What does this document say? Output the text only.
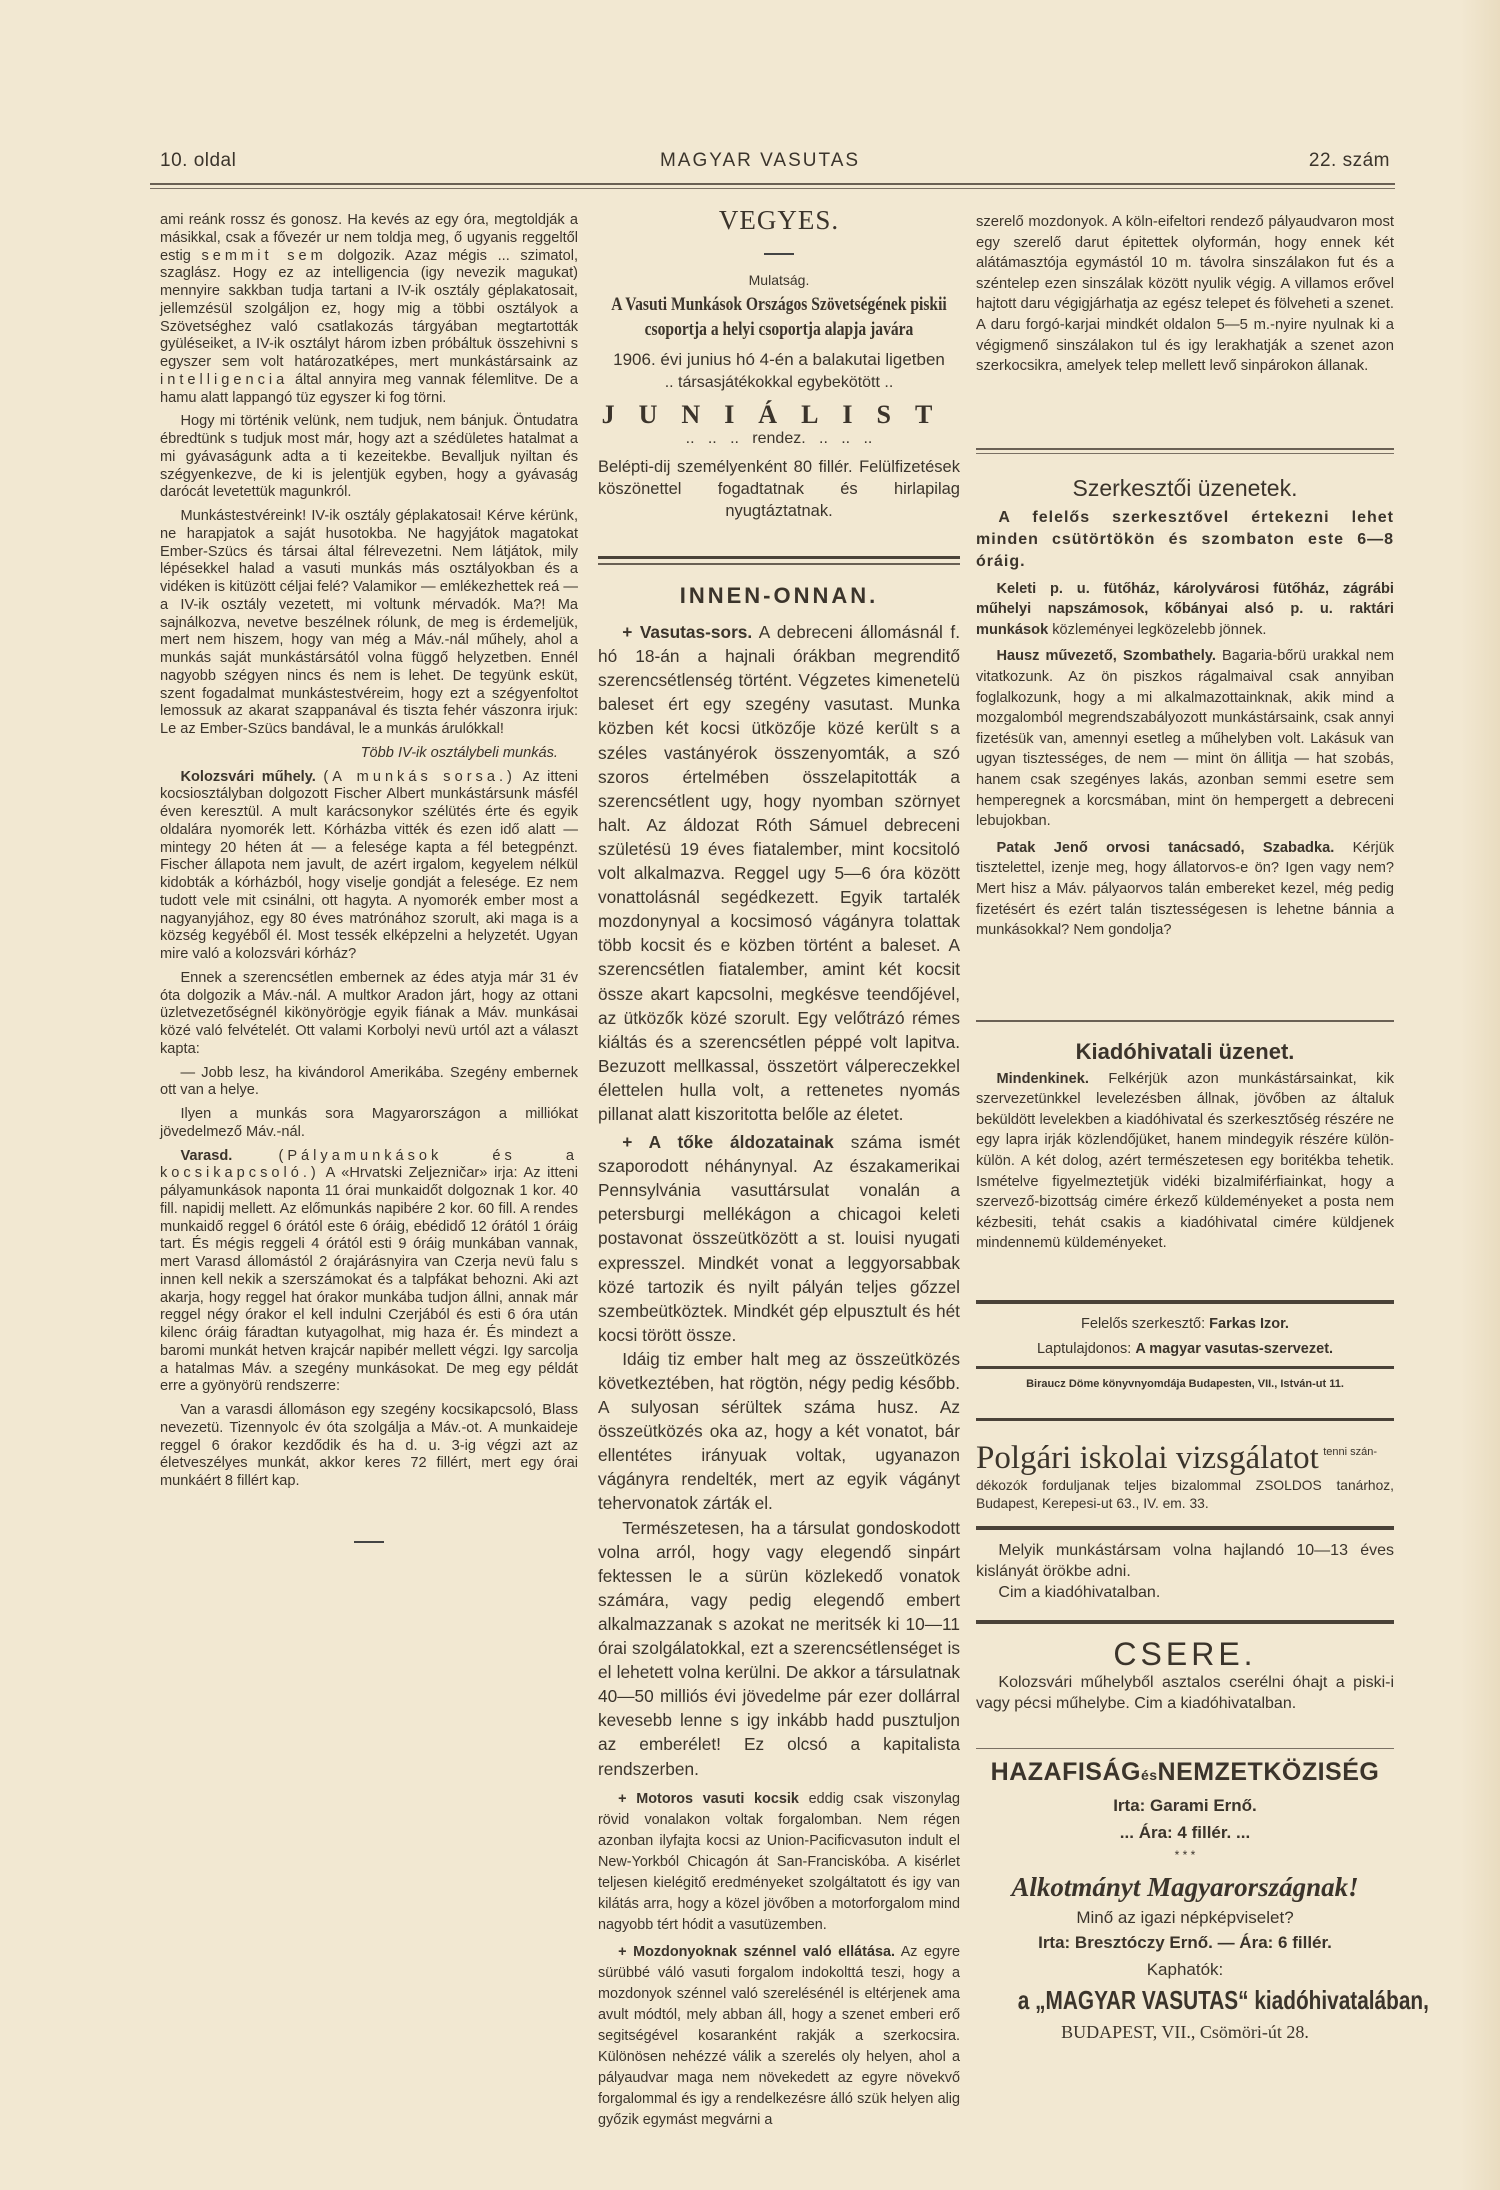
10. oldal	MAGYAR VASUTAS	22. szám

ami reánk rossz és gonosz. Ha kevés az egy óra, megtoldják a másikkal, csak a fővezér ur nem toldja meg, ő ugyanis reggeltől estig semmit sem dolgozik. Azaz mégis ... szimatol, szaglász. Hogy ez az intelligencia (igy nevezik magukat) mennyire sakkban tudja tartani a IV-ik osztály géplakatosait, jellemzésül szolgáljon ez, hogy mig a többi osztályok a Szövetséghez való csatlakozás tárgyában megtartották gyüléseiket, a IV-ik osztályt három izben próbáltuk összehivni s egyszer sem volt határozatképes, mert munkástársaink az intelligencia által annyira meg vannak félemlitve. De a hamu alatt lappangó tüz egyszer ki fog törni.

Hogy mi történik velünk, nem tudjuk, nem bánjuk. Öntudatra ébredtünk s tudjuk most már, hogy azt a szédületes hatalmat a mi gyávaságunk adta a ti kezeitekbe. Bevalljuk nyiltan és szégyenkezve, de ki is jelentjük egyben, hogy a gyávaság darócát levetettük magunkról.

Munkástestvéreink! IV-ik osztály géplakatosai! Kérve kérünk, ne harapjatok a saját husotokba. Ne hagyjátok magatokat Ember-Szücs és társai által félrevezetni. Nem látjátok, mily lépésekkel halad a vasuti munkás más osztályokban és a vidéken is kitüzött céljai felé? Valamikor — emlékezhettek reá — a IV-ik osztály vezetett, mi voltunk mérvadók. Ma?! Ma sajnálkozva, nevetve beszélnek rólunk, de meg is érdemeljük, mert nem hiszem, hogy van még a Máv.-nál műhely, ahol a munkás saját munkástársától volna függő helyzetben. Ennél nagyobb szégyen nincs és nem is lehet. De tegyünk esküt, szent fogadalmat munkástestvéreim, hogy ezt a szégyenfoltot lemossuk az akarat szappanával és tiszta fehér vászonra irjuk: Le az Ember-Szücs bandával, le a munkás árulókkal!

Több IV-ik osztálybeli munkás.

Kolozsvári műhely. (A munkás sorsa.) Az itteni kocsiosztályban dolgozott Fischer Albert munkástársunk másfél éven keresztül. A mult karácsonykor szélütés érte és egyik oldalára nyomorék lett. Kórházba vitték és ezen idő alatt — mintegy 20 héten át — a felesége kapta a fél betegpénzt. Fischer állapota nem javult, de azért irgalom, kegyelem nélkül kidobták a kórházból, hogy viselje gondját a felesége. Ez nem tudott vele mit csinálni, ott hagyta. A nyomorék ember most a nagyanyjához, egy 80 éves matrónához szorult, aki maga is a község kegyéből él. Most tessék elképzelni a helyzetét. Ugyan mire való a kolozsvári kórház?

Ennek a szerencsétlen embernek az édes atyja már 31 év óta dolgozik a Máv.-nál. A multkor Aradon járt, hogy az ottani üzletvezetőségnél kikönyörögje egyik fiának a Máv. munkásai közé való felvételét. Ott valami Korbolyi nevü urtól azt a választ kapta:

— Jobb lesz, ha kivándorol Amerikába. Szegény embernek ott van a helye.

Ilyen a munkás sora Magyarországon a milliókat jövedelmező Máv.-nál.

Varasd.	(Pályamunkások és a kocsikapcsoló.) A «Hrvatski Zeljezničar» irja: Az itteni pályamunkások naponta 11 órai munkaidőt dolgoznak 1 kor. 40 fill. napidij mellett. Az előmunkás napibére 2 kor. 60 fill. A rendes munkaidő reggel 6 órától este 6 óráig, ebédidő 12 órától 1 óráig tart. És mégis reggeli 4 órától esti 9 óráig munkában vannak, mert Varasd állomástól 2 órajárásnyira van Czerja nevü falu s innen kell nekik a szerszámokat és a talpfákat behozni. Aki azt akarja, hogy reggel hat órakor munkába tudjon állni, annak már reggel négy órakor el kell indulni Czerjából és esti 6 óra után kilenc óráig fáradtan kutyagolhat, mig haza ér. És mindezt a baromi munkát hetven krajcár napibér mellett végzi. Igy sarcolja a hatalmas Máv. a szegény munkásokat. De meg egy példát erre a gyönyörü rendszerre:

Van a varasdi állomáson egy szegény kocsikapcsoló, Blass nevezetü. Tizennyolc év óta szolgálja a Máv.-ot. A munkaideje reggel 6 órakor kezdődik és ha d. u. 3-ig végzi azt az életveszélyes munkát, akkor keres 72 fillért, mert egy órai munkáért 8 fillért kap.

VEGYES.
Mulatság.
A Vasuti Munkások Országos Szövetségének piskii csoportja a helyi csoportja alapja javára
1906. évi junius hó 4-én a balakutai ligetben
.. társasjátékokkal egybekötött ..
JUNIÁLIST
..   ..   ..   rendez.   ..   ..   ..

Belépti-dij személyenként 80 fillér. Felülfizetések köszönettel fogadtatnak és hirlapilag nyugtáztatnak.

INNEN-ONNAN.

+ Vasutas-sors. A debreceni állomásnál f. hó 18-án a hajnali órákban megrenditő szerencsétlenség történt. Végzetes kimenetelü baleset ért egy szegény vasutast. Munka közben két kocsi ütközője közé került s a széles vastányérok összenyomták, a szó szoros értelmében összelapitották a szerencsétlent ugy, hogy nyomban szörnyet halt. Az áldozat Róth Sámuel debreceni születésü 19 éves fiatalember, mint kocsitoló volt alkalmazva. Reggel ugy 5—6 óra között vonattolásnál segédkezett. Egyik tartalék mozdonynyal a kocsimosó vágányra tolattak több kocsit és e közben történt a baleset. A szerencsétlen fiatalember, amint két kocsit össze akart kapcsolni, megkésve teendőjével, az ütközők közé szorult. Egy velőtrázó rémes kiáltás és a szerencsétlen péppé volt lapitva. Bezuzott mellkassal, összetört válpereczekkel élettelen hulla volt, a rettenetes nyomás pillanat alatt kiszoritotta belőle az életet.

+ A tőke áldozatainak száma ismét szaporodott néhánynyal. Az északamerikai Pennsylvánia vasuttársulat vonalán a petersburgi mellékágon a chicagoi keleti postavonat összeütközött a st. louisi nyugati expresszel. Mindkét vonat a leggyorsabbak közé tartozik és nyilt pályán teljes gőzzel szembeütköztek. Mindkét gép elpusztult és hét kocsi törött össze.

Idáig tiz ember halt meg az összeütközés következtében, hat rögtön, négy pedig később. A sulyosan sérültek száma husz. Az összeütközés oka az, hogy a két vonatot, bár ellentétes irányuak voltak, ugyanazon vágányra rendelték, mert az egyik vágányt tehervonatok zárták el.

Természetesen, ha a társulat gondoskodott volna arról, hogy vagy elegendő sinpárt fektessen le a sürün közlekedő vonatok számára, vagy pedig elegendő embert alkalmazzanak s azokat ne meritsék ki 10—11 órai szolgálatokkal, ezt a szerencsétlenséget is el lehetett volna kerülni. De akkor a társulatnak 40—50 milliós évi jövedelme pár ezer dollárral kevesebb lenne s igy inkább hadd pusztuljon az emberélet! Ez olcsó a kapitalista rendszerben.

+ Motoros vasuti kocsik eddig csak viszonylag rövid vonalakon voltak forgalomban. Nem régen azonban ilyfajta kocsi az Union-Pacificvasuton indult el New-Yorkból Chicagón át San-Franciskóba. A kisérlet teljesen kielégitő eredményeket szolgáltatott és igy van kilátás arra, hogy a közel jövőben a motorforgalom mind nagyobb tért hódit a vasutüzemben.

+ Mozdonyoknak szénnel való ellátása. Az egyre sürübbé váló vasuti forgalom indokolttá teszi, hogy a mozdonyok szénnel való szerelésénél is eltérjenek ama avult módtól, mely abban áll, hogy a szenet emberi erő segitségével kosaranként rakják a szerkocsira. Különösen nehézzé válik a szerelés oly helyen, ahol a pályaudvar maga nem növekedett az egyre növekvő forgalommal és igy a rendelkezésre álló szük helyen alig győzik egymást megvárni a

szerelő mozdonyok. A köln-eifeltori rendező pályaudvaron most egy szerelő darut épitettek olyformán, hogy ennek két alátámasztója egymástól 10 m. távolra sinszálakon fut és a széntelep ezen sinszálak között nyulik végig. A villamos erővel hajtott daru végigjárhatja az egész telepet és fölveheti a szenet. A daru forgó-karjai mindkét oldalon 5—5 m.-nyire nyulnak ki a végigmenő sinszálakon tul és igy lerakhatják a szenet azon szerkocsikra, amelyek telep mellett levő sinpárokon állanak.

Szerkesztői üzenetek.

A felelős szerkesztővel értekezni lehet minden csütörtökön és szombaton este 6—8 óráig.

Keleti p. u. fütőház, károlyvárosi fütőház, zágrábi műhelyi napszámosok, kőbányai alsó p. u. raktári munkások közleményei legközelebb jönnek.

Hausz művezető, Szombathely. Bagaria-bőrü urakkal nem vitatkozunk. Az ön piszkos rágalmaival csak annyiban foglalkozunk, hogy a mi alkalmazottainknak, akik mind a mozgalomból megrendszabályozott munkástársaink, csak annyi fizetésük van, amennyi esetleg a műhelyben volt. Lakásuk van ugyan tisztességes, de nem — mint ön állitja — hat szobás, hanem csak szegényes lakás, azonban semmi esetre sem hemperegnek a korcsmában, mint ön hempergett a debreceni lebujokban.

Patak Jenő orvosi tanácsadó, Szabadka. Kérjük tisztelettel, izenje meg, hogy állatorvos-e ön? Igen vagy nem? Mert hisz a Máv. pályaorvos talán embereket kezel, még pedig fizetésért és ezért talán tisztességesen is lehetne bánnia a munkásokkal? Nem gondolja?

Kiadóhivatali üzenet.

Mindenkinek. Felkérjük azon munkástársainkat, kik szervezetünkkel levelezésben állnak, jövőben az általuk beküldött levelekben a kiadóhivatal és szerkesztőség részére ne egy lapra irják közlendőjüket, hanem mindegyik részére külön-külön. A két dolog, azért természetesen egy boritékba tehetik. Ismételve figyelmeztetjük vidéki bizalmiférfiainkat, hogy a szervező-bizottság cimére érkező küldeményeket a posta nem kézbesiti, tehát csakis a kiadóhivatal cimére küldjenek mindennemü küldeményeket.

Felelős szerkesztő: Farkas Izor.
Laptulajdonos: A magyar vasutas-szervezet.
Biraucz Döme könyvnyomdája Budapesten, VII., István-ut 11.
Polgári iskolai vizsgálatot tenni szán-

dékozók forduljanak teljes bizalommal ZSOLDOS tanárhoz, Budapest, Kerepesi-ut 63., IV. em. 33.

Melyik munkástársam volna hajlandó 10—13 éves kislányát örökbe adni.

Cim a kiadóhivatalban.

CSERE.

Kolozsvári műhelyből asztalos cserélni óhajt a piski-i vagy pécsi műhelybe. Cim a kiadóhivatalban.

HAZAFISÁGésNEMZETKÖZISÉG
Irta: Garami Ernő.
... Ára: 4 fillér. ...
* * *
Alkotmányt Magyarországnak!
Minő az igazi népképviselet?
Irta: Bresztóczy Ernő. — Ára: 6 fillér.
Kaphatók:
a „MAGYAR VASUTAS“ kiadóhivatalában,
BUDAPEST, VII., Csömöri-út 28.
